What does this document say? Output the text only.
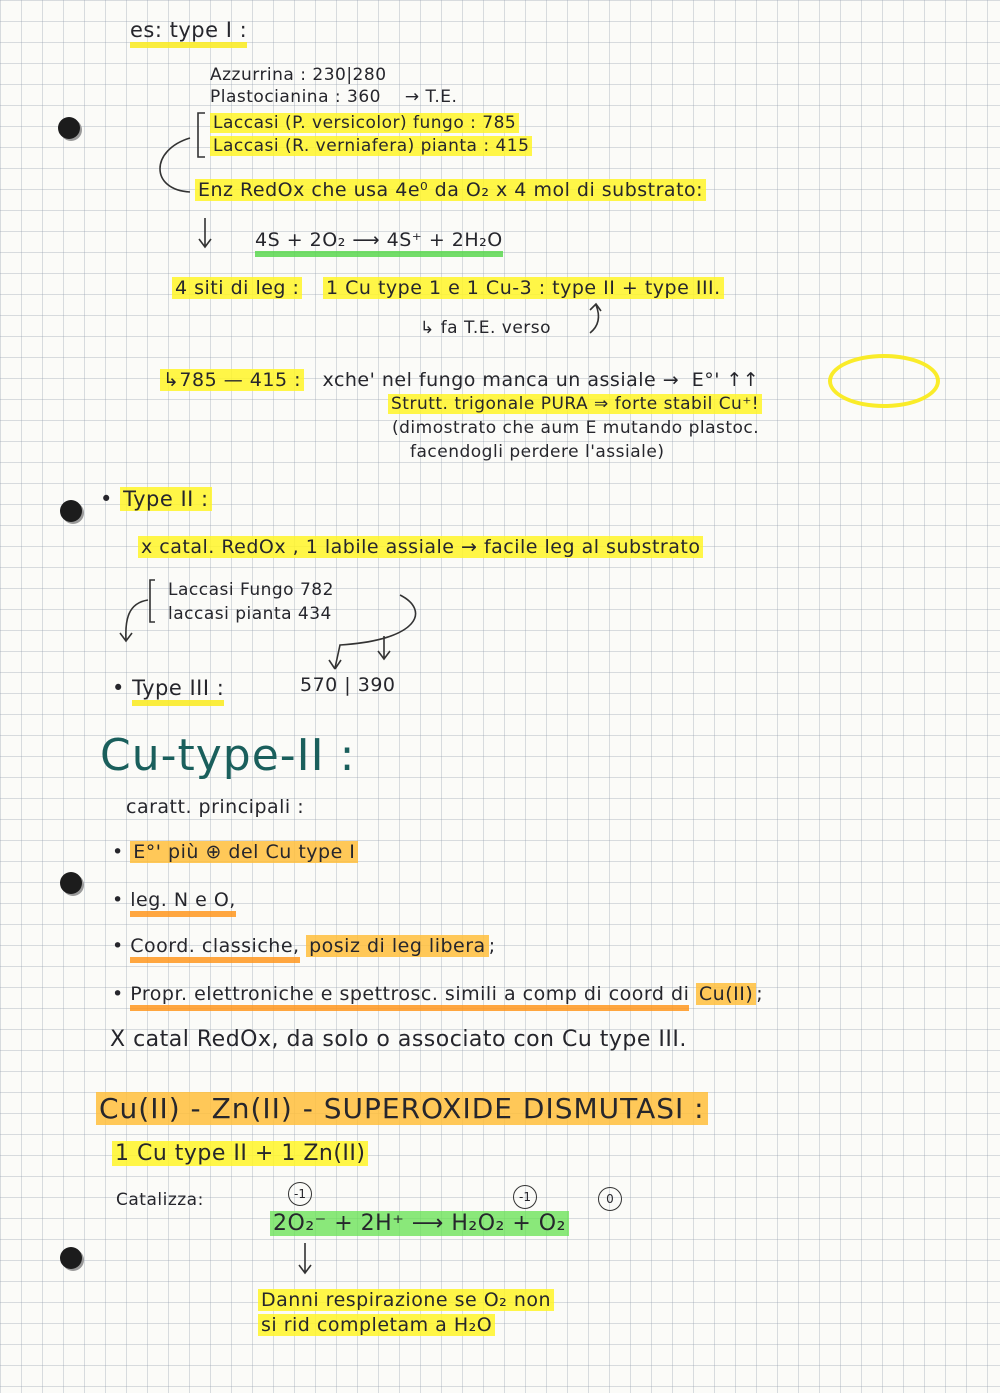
es: type I :
Azzurrina : 230|280
Plastocianina : 360 → T.E.
Laccasi (P. versicolor) fungo : 785
Laccasi (R. verniafera) pianta : 415
Enz RedOx che usa 4e⁰ da O₂ x 4 mol di substrato:
4S + 2O₂ ⟶ 4S⁺ + 2H₂O
4 siti di leg : 1 Cu type 1 e 1 Cu-3 : type II + type III.
↳ fa T.E. verso
↳785 — 415 : xche' nel fungo manca un assiale → E°' ↑↑
Strutt. trigonale PURA ⇒ forte stabil Cu⁺!
(dimostrato che aum E mutando plastoc.
facendogli perdere l'assiale)
• Type II :
x catal. RedOx , 1 labile assiale → facile leg al substrato
Laccasi Fungo 782
laccasi pianta 434
• Type III :	570 | 390
Cu-type-II :
caratt. principali :
• E°' più ⊕ del Cu type I
• leg. N e O,
• Coord. classiche, posiz di leg libera ;
• Propr. elettroniche e spettrosc. simili a comp di coord di Cu(II) ;
X catal RedOx, da solo o associato con Cu type III.
Cu(II) - Zn(II) - SUPEROXIDE DISMUTASI :
1 Cu type II + 1 Zn(II)
Catalizza:	-1	-1	0
2O₂⁻ + 2H⁺ ⟶ H₂O₂ + O₂
Danni respirazione se O₂ non
si rid completam a H₂O
